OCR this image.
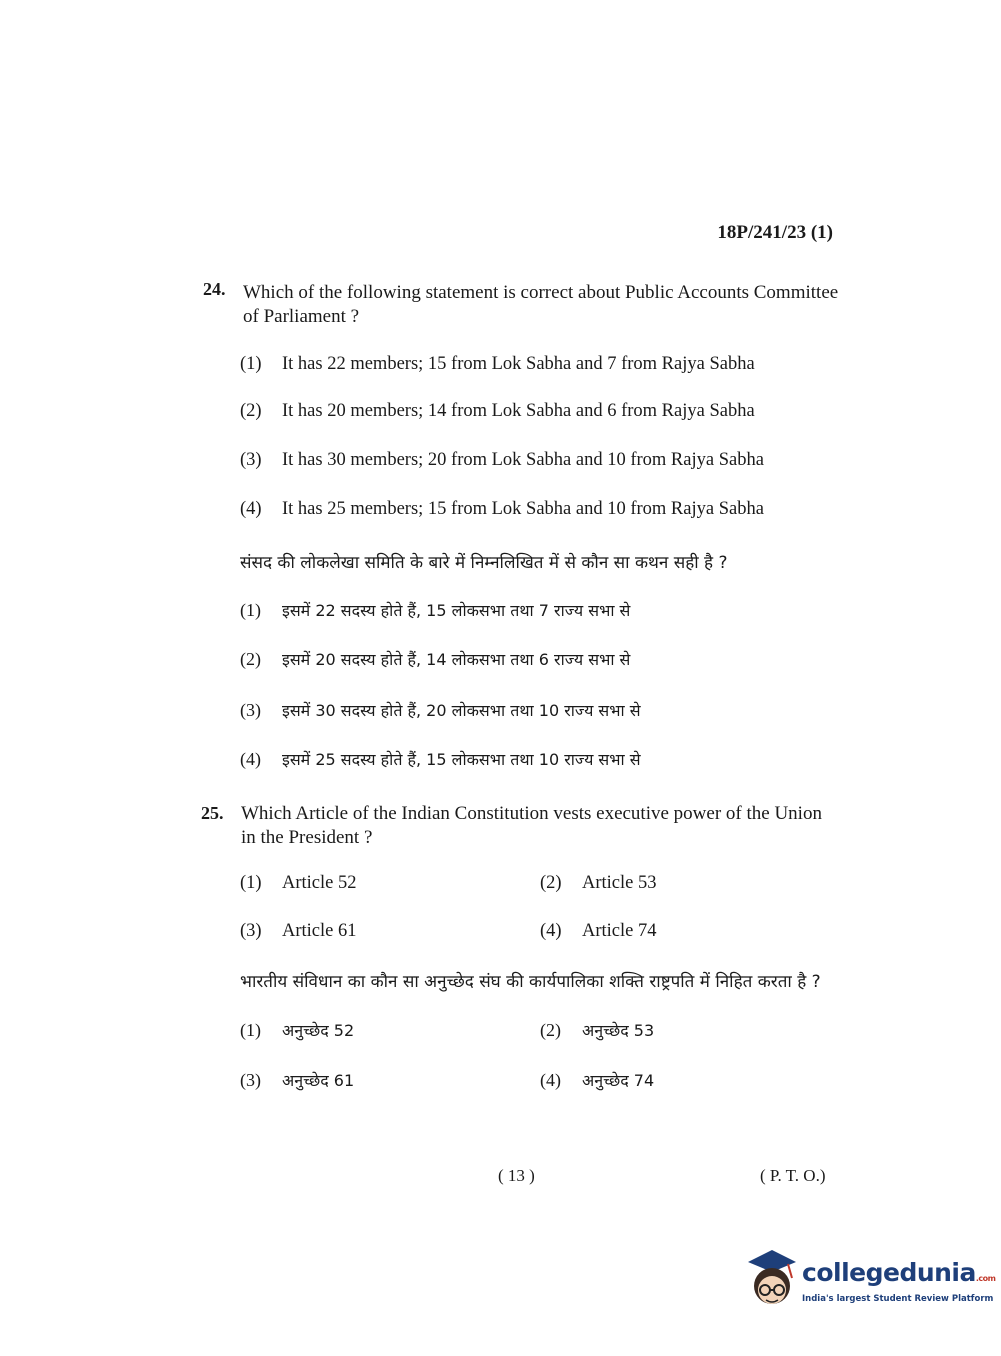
18P/241/23 (1)
24. Which of the following statement is correct about Public Accounts Committee
of Parliament ?
(1) It has 22 members; 15 from Lok Sabha and 7 from Rajya Sabha
(2) It has 20 members; 14 from Lok Sabha and 6 from Rajya Sabha
(3) It has 30 members; 20 from Lok Sabha and 10 from Rajya Sabha
(4) It has 25 members; 15 from Lok Sabha and 10 from Rajya Sabha
संसद की लोकलेखा समिति के बारे में निम्नलिखित में से कौन सा कथन सही है ?
(1) इसमें 22 सदस्य होते हैं, 15 लोकसभा तथा 7 राज्य सभा से
(2) इसमें 20 सदस्य होते हैं, 14 लोकसभा तथा 6 राज्य सभा से
(3) इसमें 30 सदस्य होते हैं, 20 लोकसभा तथा 10 राज्य सभा से
(4) इसमें 25 सदस्य होते हैं, 15 लोकसभा तथा 10 राज्य सभा से
25. Which Article of the Indian Constitution vests executive power of the Union
in the President ?
(1) Article 52	(2) Article 53
(3) Article 61	(4) Article 74
भारतीय संविधान का कौन सा अनुच्छेद संघ की कार्यपालिका शक्ति राष्ट्रपति में निहित करता है ?
(1) अनुच्छेद 52	(2) अनुच्छेद 53
(3) अनुच्छेद 61	(4) अनुच्छेद 74
( 13 )	( P. T. O.)
collegedunia.com
India's largest Student Review Platform
